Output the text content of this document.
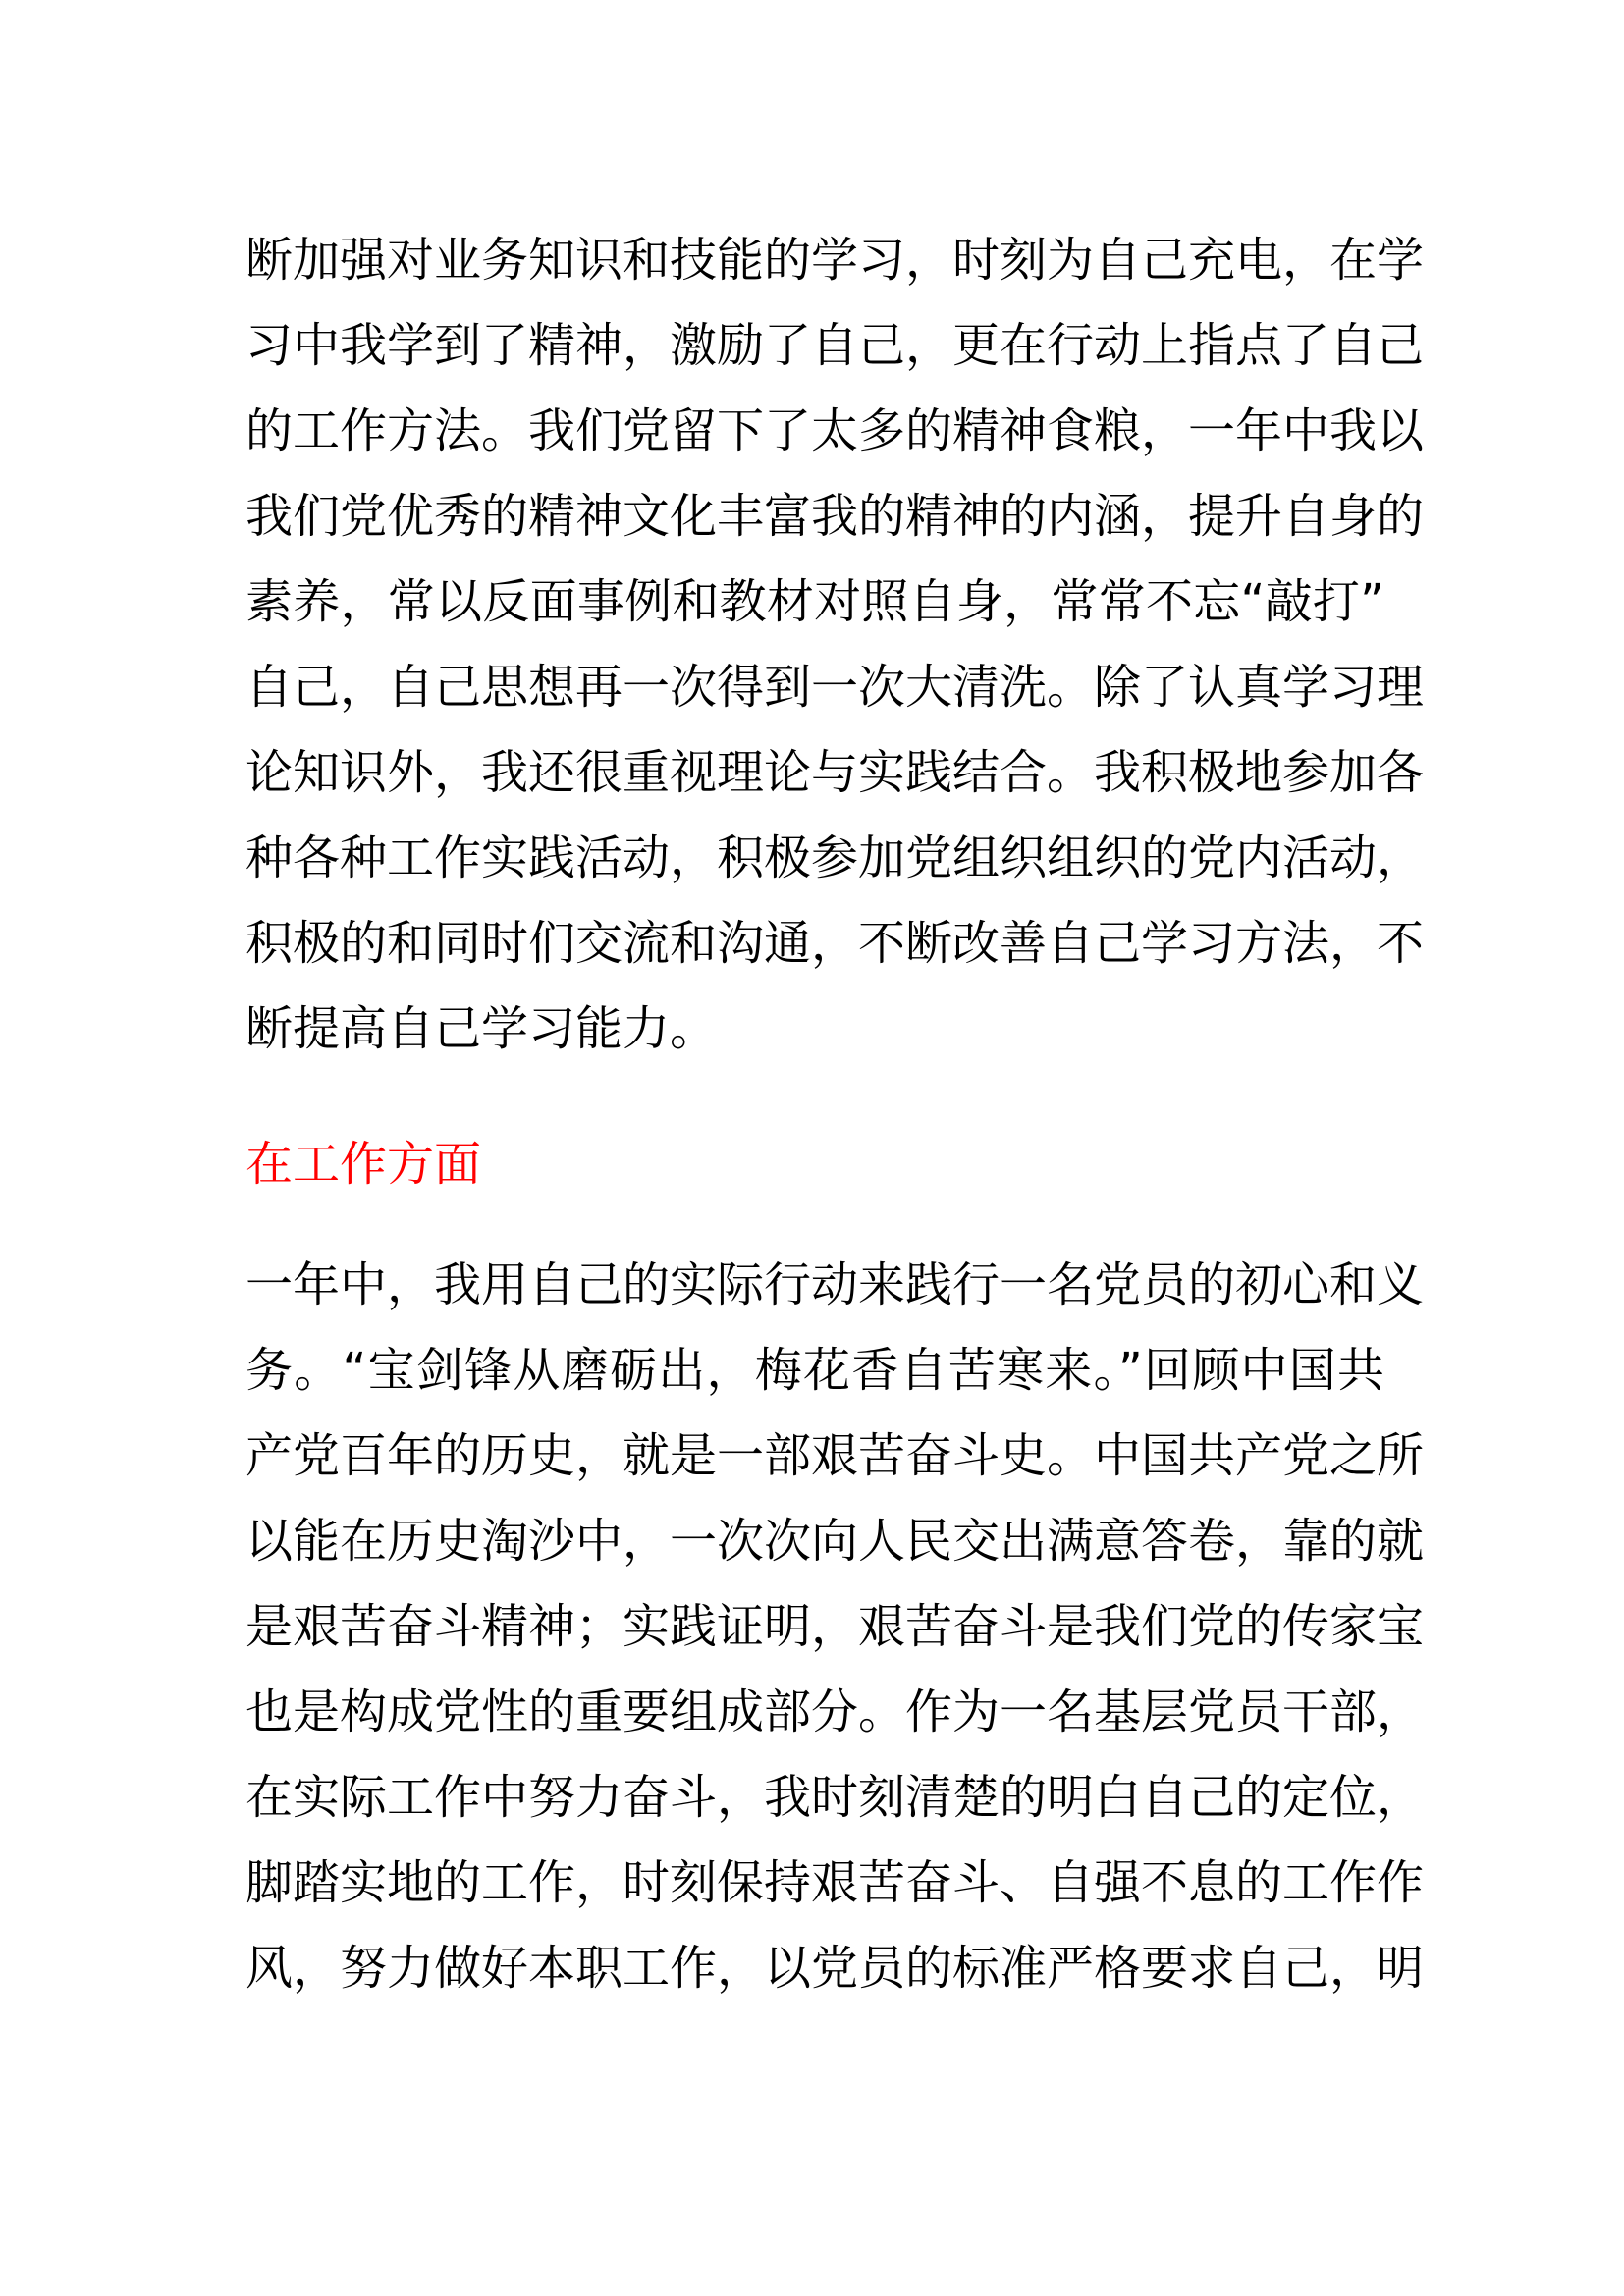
断加强对业务知识和技能的学习，时刻为自己充电，在学
习中我学到了精神，激励了自己，更在行动上指点了自己
的工作方法。我们党留下了太多的精神食粮，一年中我以
我们党优秀的精神文化丰富我的精神的内涵，提升自身的
素养，常以反面事例和教材对照自身，常常不忘“敲打”
自己，自己思想再一次得到一次大清洗。除了认真学习理
论知识外，我还很重视理论与实践结合。我积极地参加各
种各种工作实践活动，积极参加党组织组织的党内活动，
积极的和同时们交流和沟通，不断改善自己学习方法，不
断提高自己学习能力。
在工作方面
一年中，我用自己的实际行动来践行一名党员的初心和义
务。“宝剑锋从磨砺出，梅花香自苦寒来。”回顾中国共
产党百年的历史，就是一部艰苦奋斗史。中国共产党之所
以能在历史淘沙中，一次次向人民交出满意答卷，靠的就
是艰苦奋斗精神；实践证明，艰苦奋斗是我们党的传家宝
也是构成党性的重要组成部分。作为一名基层党员干部，
在实际工作中努力奋斗，我时刻清楚的明白自己的定位，
脚踏实地的工作，时刻保持艰苦奋斗、自强不息的工作作
风，努力做好本职工作，以党员的标准严格要求自己，明
